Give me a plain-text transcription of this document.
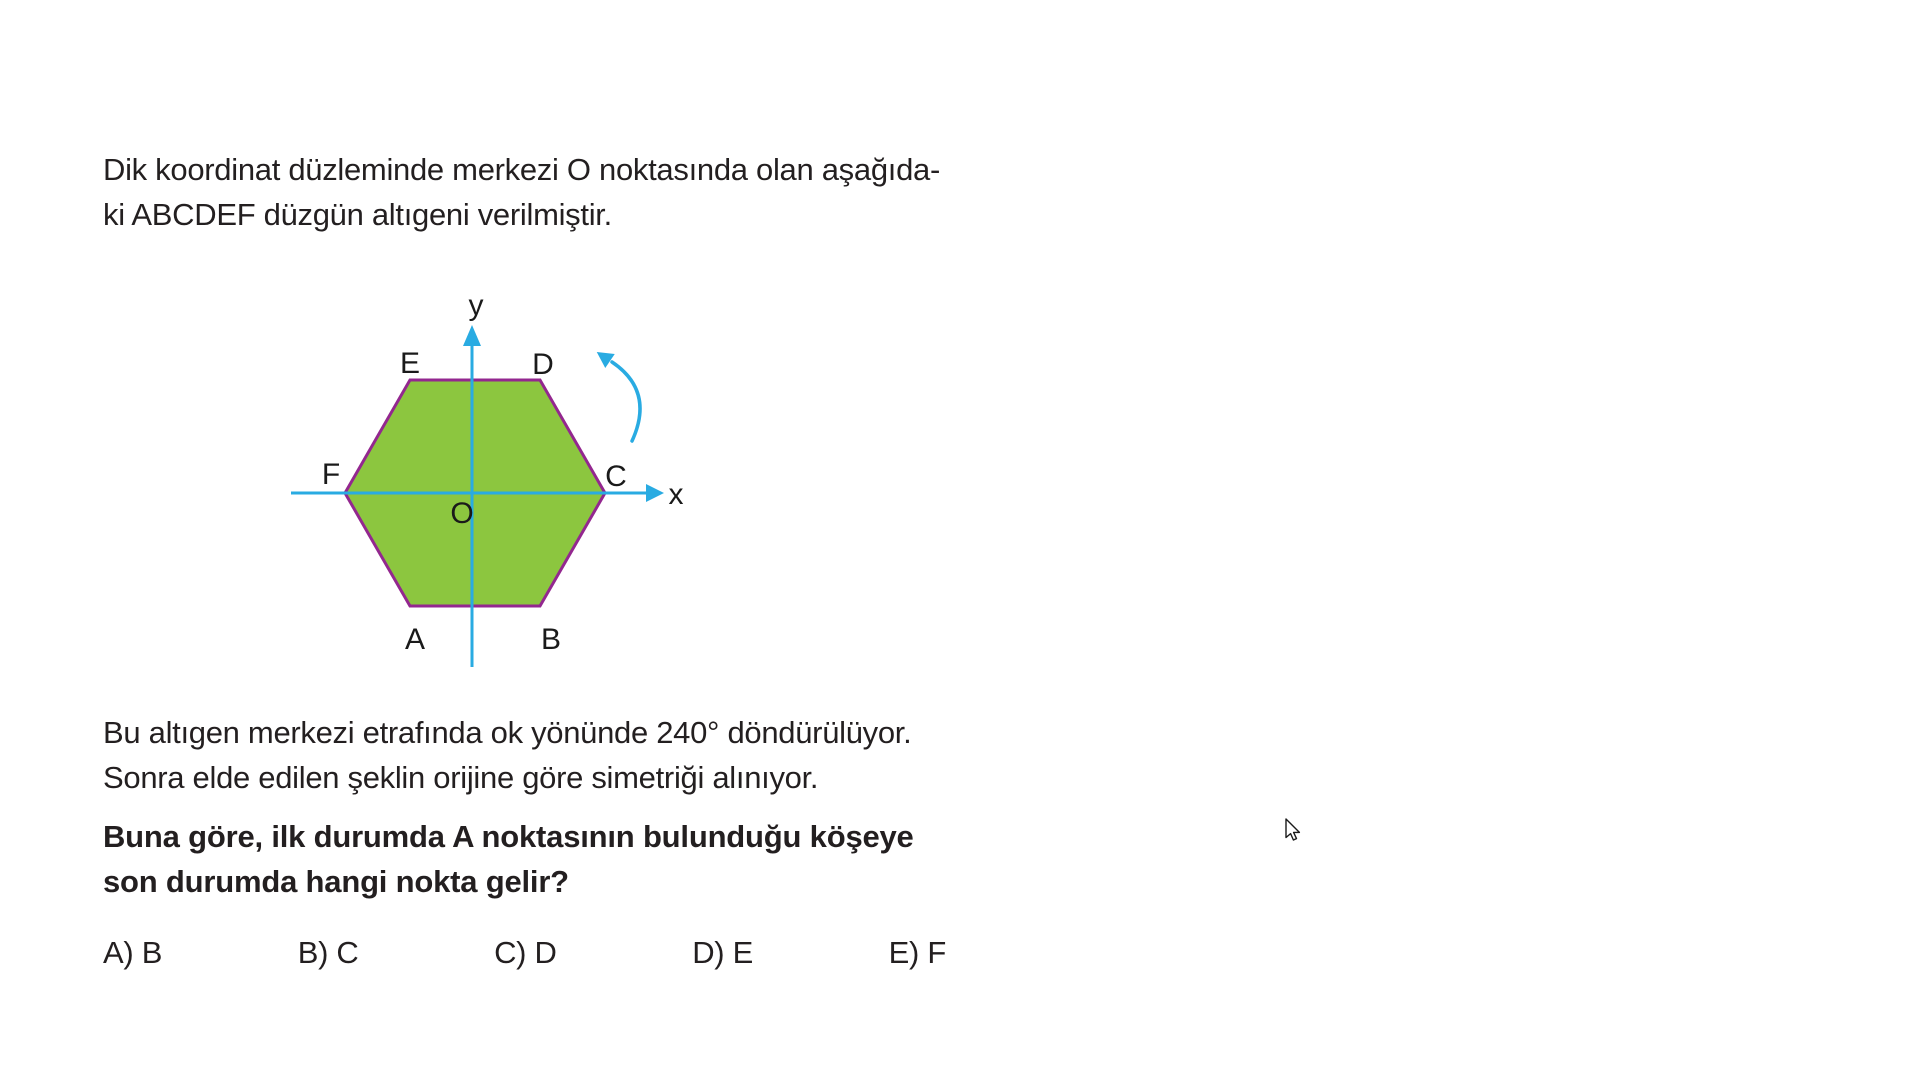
Dik koordinat düzleminde merkezi O noktasında olan aşağıda-
ki ABCDEF düzgün altıgeni verilmiştir.
E	D
F	C
A	B
O
x
y
Bu altıgen merkezi etrafında ok yönünde 240° döndürülüyor.
Sonra elde edilen şeklin orijine göre simetriği alınıyor.
Buna göre, ilk durumda A noktasının bulunduğu köşeye
son durumda hangi nokta gelir?
A) B	B) C	C) D	D) E	E) F
